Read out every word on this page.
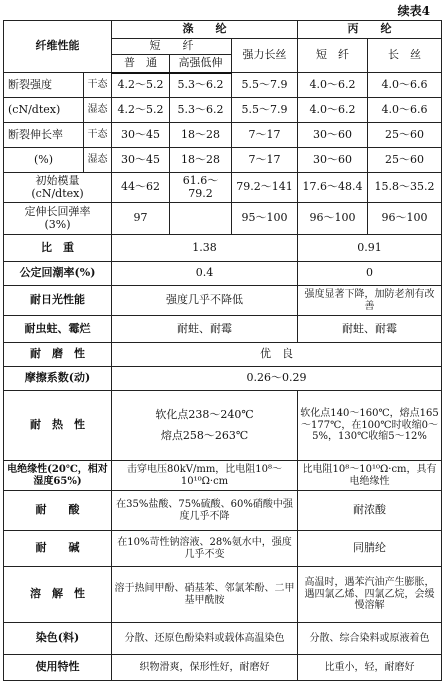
续表4
纤维性能		涤　　纶			丙　　纶	
		短　　纤		强力长丝	短　纤	长　丝
		普　通	高强低伸			
断裂强度	干态	4.2～5.2	5.3～6.2	5.5～7.9	4.0～6.2	4.0～6.6
(cN/dtex)	湿态	4.2～5.2	5.3～6.2	5.5～7.9	4.0～6.2	4.0～6.6
断裂伸长率	干态	30～45	18～28	7～17	30～60	25～60
(%)	湿态	30～45	18～28	7～17	30～60	25～60

初始模量
(cN/dtex)		44～62	61.6～79.2	79.2～141	17.6～48.4	15.8～35.2

定伸长回弹率
(3%)		97		95～100	96～100	96～100
比　重		1.38			0.91	
公定回潮率(%)		0.4			0	
耐日光性能		强度几乎不降低			强度显著下降，加防老剂有改善	
耐虫蛀、霉烂		耐蛀、耐霉			耐蛀、耐霉	
耐　磨　性		优　良				
摩擦系数(动)		0.26～0.29				
耐　热　性		软化点238～240℃
熔点258～263℃			软化点140～160℃，熔点165～177℃，在100℃时收缩0～5%，130℃收缩5～12%	
电绝缘性(20℃，相对湿度65%)		击穿电压80kV/mm，比电阻10⁸～10¹⁰Ω·cm			比电阻10⁸～10¹⁰Ω·cm，具有电绝缘性	
耐　　酸		在35%盐酸、75%硫酸、60%硝酸中强度几乎不降			耐浓酸	
耐　　碱		在10%苛性钠溶液、28%氨水中，强度几乎不变			同腈纶	
溶　解　性		溶于热间甲酚、硝基苯、邻氯苯酚、二甲基甲酰胺			高温时，遇苯汽油产生膨胀，遇四氯乙烯、四氯乙烷，会缓慢溶解	
染色(料)		分散、还原色酚染料或载体高温染色			分散、综合染料或原液着色	
使用特性		织物滑爽，保形性好，耐磨好			比重小，轻，耐磨好	
